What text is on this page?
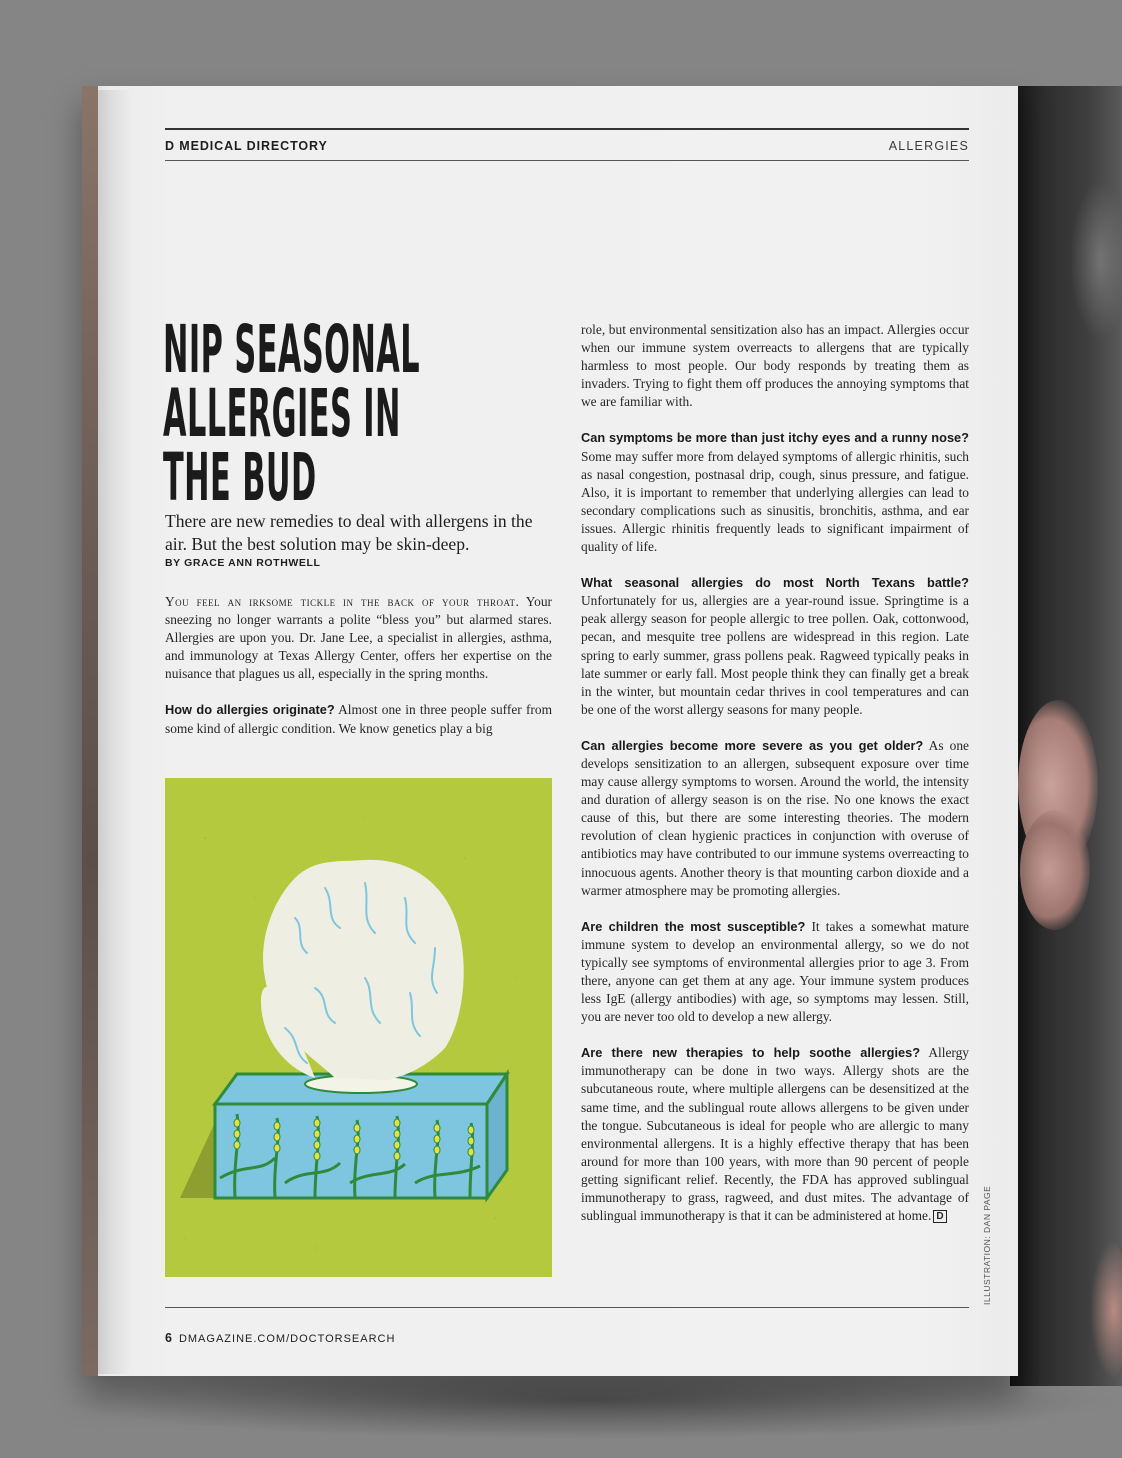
D MEDICAL DIRECTORY	ALLERGIES
NIP SEASONAL
ALLERGIES IN
THE BUD
There are new remedies to deal with allergens in the air. But the best solution may be skin-deep.
BY GRACE ANN ROTHWELL

You feel an irksome tickle in the back of your throat. Your sneezing no longer warrants a polite “bless you” but alarmed stares. Allergies are upon you. Dr. Jane Lee, a specialist in allergies, asthma, and immunology at Texas Allergy Center, offers her expertise on the nuisance that plagues us all, especially in the spring months.

How do allergies originate? Almost one in three people suffer from some kind of allergic condition. We know genetics play a big

role, but environmental sensitization also has an impact. Allergies occur when our immune system overreacts to allergens that are typically harmless to most people. Our body responds by treating them as invaders. Trying to fight them off produces the annoying symptoms that we are familiar with.

Can symptoms be more than just itchy eyes and a runny nose? Some may suffer more from delayed symptoms of allergic rhinitis, such as nasal congestion, postnasal drip, cough, sinus pressure, and fatigue. Also, it is important to remember that underlying allergies can lead to secondary complications such as sinusitis, bronchitis, asthma, and ear issues. Allergic rhinitis frequently leads to significant impairment of quality of life.

What seasonal allergies do most North Texans battle? Unfortunately for us, allergies are a year-round issue. Springtime is a peak allergy season for people allergic to tree pollen. Oak, cottonwood, pecan, and mesquite tree pollens are widespread in this region. Late spring to early summer, grass pollens peak. Ragweed typically peaks in late summer or early fall. Most people think they can finally get a break in the winter, but mountain cedar thrives in cool temperatures and can be one of the worst allergy seasons for many people.

Can allergies become more severe as you get older? As one develops sensitization to an allergen, subsequent exposure over time may cause allergy symptoms to worsen. Around the world, the intensity and duration of allergy season is on the rise. No one knows the exact cause of this, but there are some interesting theories. The modern revolution of clean hygienic practices in conjunction with overuse of antibiotics may have contributed to our immune systems overreacting to innocuous agents. Another theory is that mounting carbon dioxide and a warmer atmosphere may be promoting allergies.

Are children the most susceptible? It takes a somewhat mature immune system to develop an environmental allergy, so we do not typically see symptoms of environmental allergies prior to age 3. From there, anyone can get them at any age. Your immune system produces less IgE (allergy antibodies) with age, so symptoms may lessen. Still, you are never too old to develop a new allergy.

Are there new therapies to help soothe allergies? Allergy immunotherapy can be done in two ways. Allergy shots are the subcutaneous route, where multiple allergens can be desensitized at the same time, and the sublingual route allows allergens to be given under the tongue. Subcutaneous is ideal for people who are allergic to many environmental allergens. It is a highly effective therapy that has been around for more than 100 years, with more than 90 percent of people getting significant relief. Recently, the FDA has approved sublingual immunotherapy to grass, ragweed, and dust mites. The advantage of sublingual immunotherapy is that it can be administered at home. D	ILLUSTRATION: DAN PAGE
6 DMAGAZINE.COM/DOCTORSEARCH
